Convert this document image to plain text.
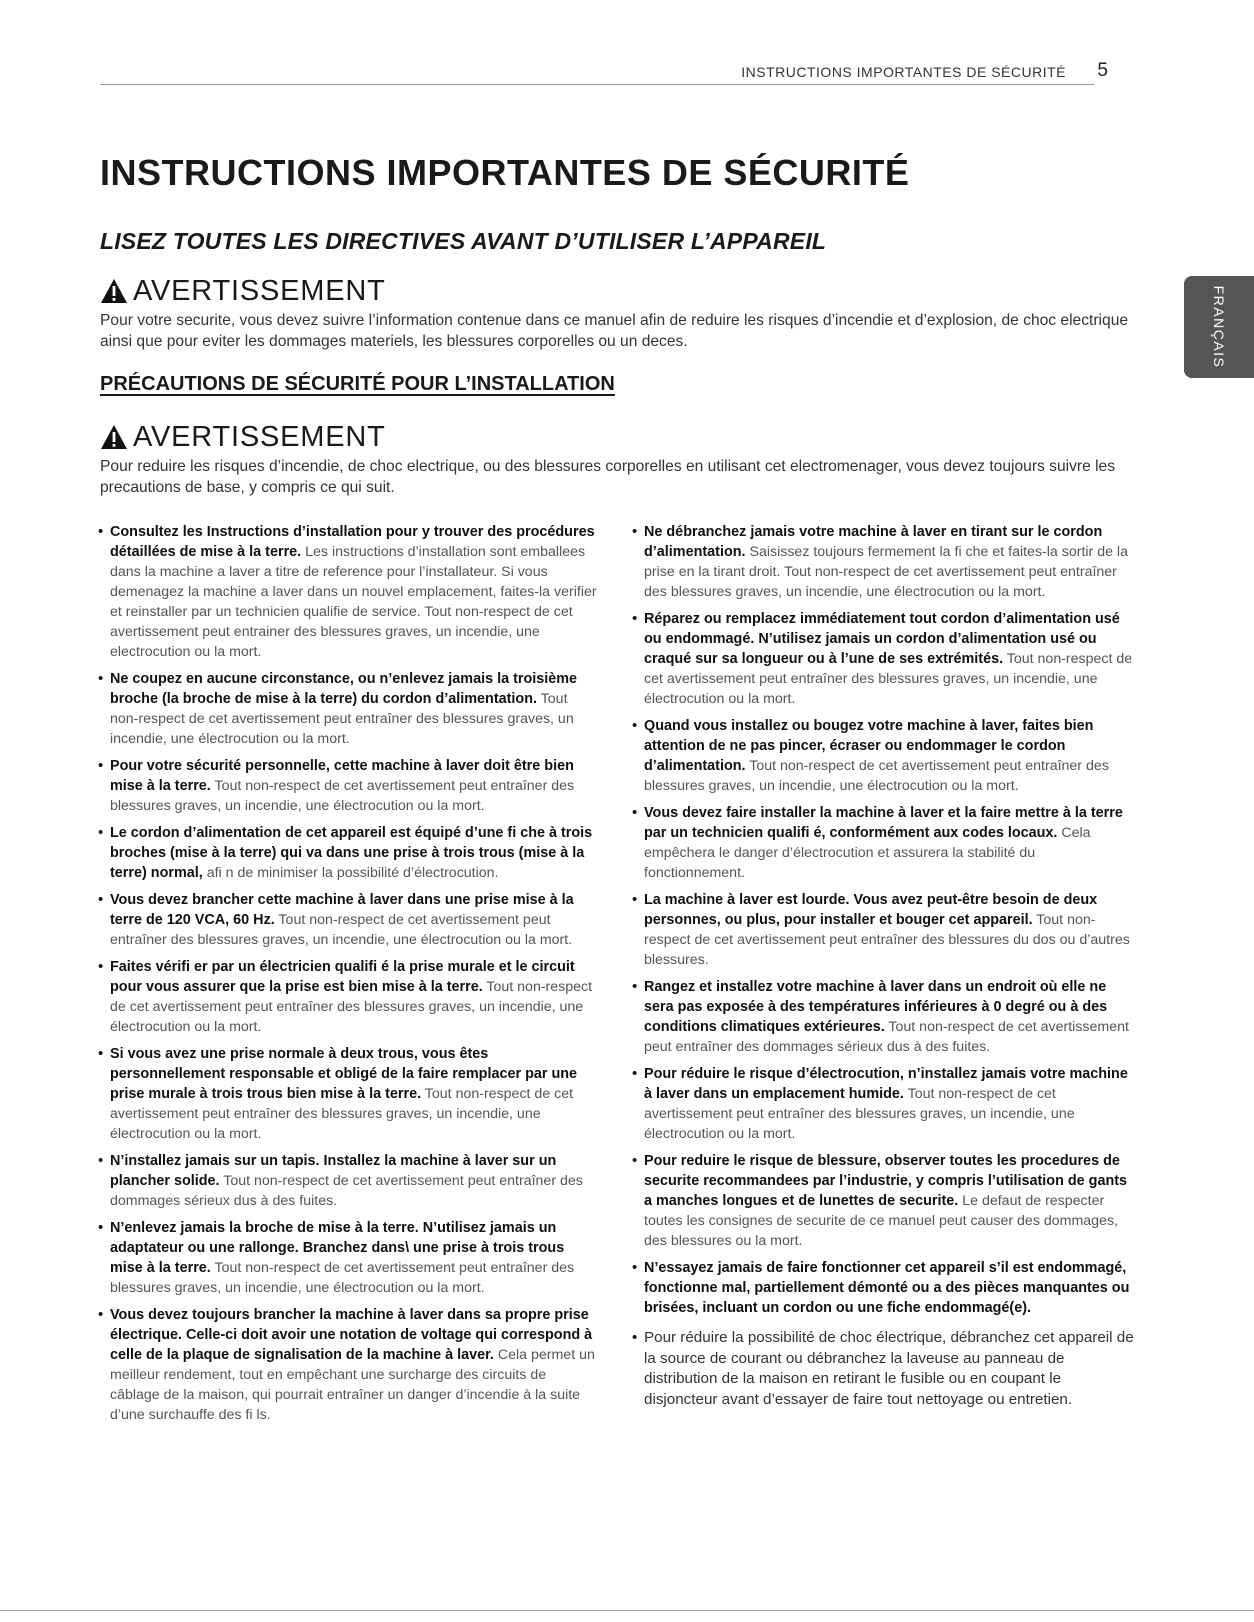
INSTRUCTIONS IMPORTANTES DE SÉCURITÉ 5
INSTRUCTIONS IMPORTANTES DE SÉCURITÉ
LISEZ TOUTES LES DIRECTIVES AVANT D’UTILISER L’APPAREIL
FRANÇAIS
AVERTISSEMENT

Pour votre securite, vous devez suivre l’information contenue dans ce manuel afin de reduire les risques d’incendie et d’explosion, de choc electrique ainsi que pour eviter les dommages materiels, les blessures corporelles ou un deces.

PRÉCAUTIONS DE SÉCURITÉ POUR L’INSTALLATION
AVERTISSEMENT

Pour reduire les risques d’incendie, de choc electrique, ou des blessures corporelles en utilisant cet electromenager, vous devez toujours suivre les precautions de base, y compris ce qui suit.

• Consultez les Instructions d’installation pour y trouver des procédures détaillées de mise à la terre. Les instructions d’installation sont emballees dans la machine a laver a titre de reference pour l’installateur. Si vous demenagez la machine a laver dans un nouvel emplacement, faites-la verifier et reinstaller par un technicien qualifie de service. Tout non-respect de cet avertissement peut entrainer des blessures graves, un incendie, une electrocution ou la mort.
• Ne coupez en aucune circonstance, ou n’enlevez jamais la troisième broche (la broche de mise à la terre) du cordon d’alimentation. Tout non-respect de cet avertissement peut entraîner des blessures graves, un incendie, une électrocution ou la mort.
• Pour votre sécurité personnelle, cette machine à laver doit être bien mise à la terre. Tout non-respect de cet avertissement peut entraîner des blessures graves, un incendie, une électrocution ou la mort.
• Le cordon d’alimentation de cet appareil est équipé d’une fi che à trois broches (mise à la terre) qui va dans une prise à trois trous (mise à la terre) normal, afi n de minimiser la possibilité d’électrocution.
• Vous devez brancher cette machine à laver dans une prise mise à la terre de 120 VCA, 60 Hz. Tout non-respect de cet avertissement peut entraîner des blessures graves, un incendie, une électrocution ou la mort.
• Faites vérifi er par un électricien qualifi é la prise murale et le circuit pour vous assurer que la prise est bien mise à la terre. Tout non-respect de cet avertissement peut entraîner des blessures graves, un incendie, une électrocution ou la mort.
• Si vous avez une prise normale à deux trous, vous êtes personnellement responsable et obligé de la faire remplacer par une prise murale à trois trous bien mise à la terre. Tout non-respect de cet avertissement peut entraîner des blessures graves, un incendie, une électrocution ou la mort.
• N’installez jamais sur un tapis. Installez la machine à laver sur un plancher solide. Tout non-respect de cet avertissement peut entraîner des dommages sérieux dus à des fuites.
• N’enlevez jamais la broche de mise à la terre. N’utilisez jamais un adaptateur ou une rallonge. Branchez dans\ une prise à trois trous mise à la terre. Tout non-respect de cet avertissement peut entraîner des blessures graves, un incendie, une électrocution ou la mort.
• Vous devez toujours brancher la machine à laver dans sa propre prise électrique. Celle-ci doit avoir une notation de voltage qui correspond à celle de la plaque de signalisation de la machine à laver. Cela permet un meilleur rendement, tout en empêchant une surcharge des circuits de câblage de la maison, qui pourrait entraîner un danger d’incendie à la suite d’une surchauffe des fi ls.
• Ne débranchez jamais votre machine à laver en tirant sur le cordon d’alimentation. Saisissez toujours fermement la fi che et faites-la sortir de la prise en la tirant droit. Tout non-respect de cet avertissement peut entraîner des blessures graves, un incendie, une électrocution ou la mort.
• Réparez ou remplacez immédiatement tout cordon d’alimentation usé ou endommagé. N’utilisez jamais un cordon d’alimentation usé ou craqué sur sa longueur ou à l’une de ses extrémités. Tout non-respect de cet avertissement peut entraîner des blessures graves, un incendie, une électrocution ou la mort.
• Quand vous installez ou bougez votre machine à laver, faites bien attention de ne pas pincer, écraser ou endommager le cordon d’alimentation. Tout non-respect de cet avertissement peut entraîner des blessures graves, un incendie, une électrocution ou la mort.
• Vous devez faire installer la machine à laver et la faire mettre à la terre par un technicien qualifi é, conformément aux codes locaux. Cela empêchera le danger d’électrocution et assurera la stabilité du fonctionnement.
• La machine à laver est lourde. Vous avez peut-être besoin de deux personnes, ou plus, pour installer et bouger cet appareil. Tout non-respect de cet avertissement peut entraîner des blessures du dos ou d’autres blessures.
• Rangez et installez votre machine à laver dans un endroit où elle ne sera pas exposée à des températures inférieures à 0 degré ou à des conditions climatiques extérieures. Tout non-respect de cet avertissement peut entraîner des dommages sérieux dus à des fuites.
• Pour réduire le risque d’électrocution, n’installez jamais votre machine à laver dans un emplacement humide. Tout non-respect de cet avertissement peut entraîner des blessures graves, un incendie, une électrocution ou la mort.
• Pour reduire le risque de blessure, observer toutes les procedures de securite recommandees par l’industrie, y compris l’utilisation de gants a manches longues et de lunettes de securite. Le defaut de respecter toutes les consignes de securite de ce manuel peut causer des dommages, des blessures ou la mort.
• N’essayez jamais de faire fonctionner cet appareil s’il est endommagé, fonctionne mal, partiellement démonté ou a des pièces manquantes ou brisées, incluant un cordon ou une fiche endommagé(e).
• Pour réduire la possibilité de choc électrique, débranchez cet appareil de la source de courant ou débranchez la laveuse au panneau de distribution de la maison en retirant le fusible ou en coupant le disjoncteur avant d’essayer de faire tout nettoyage ou entretien.
